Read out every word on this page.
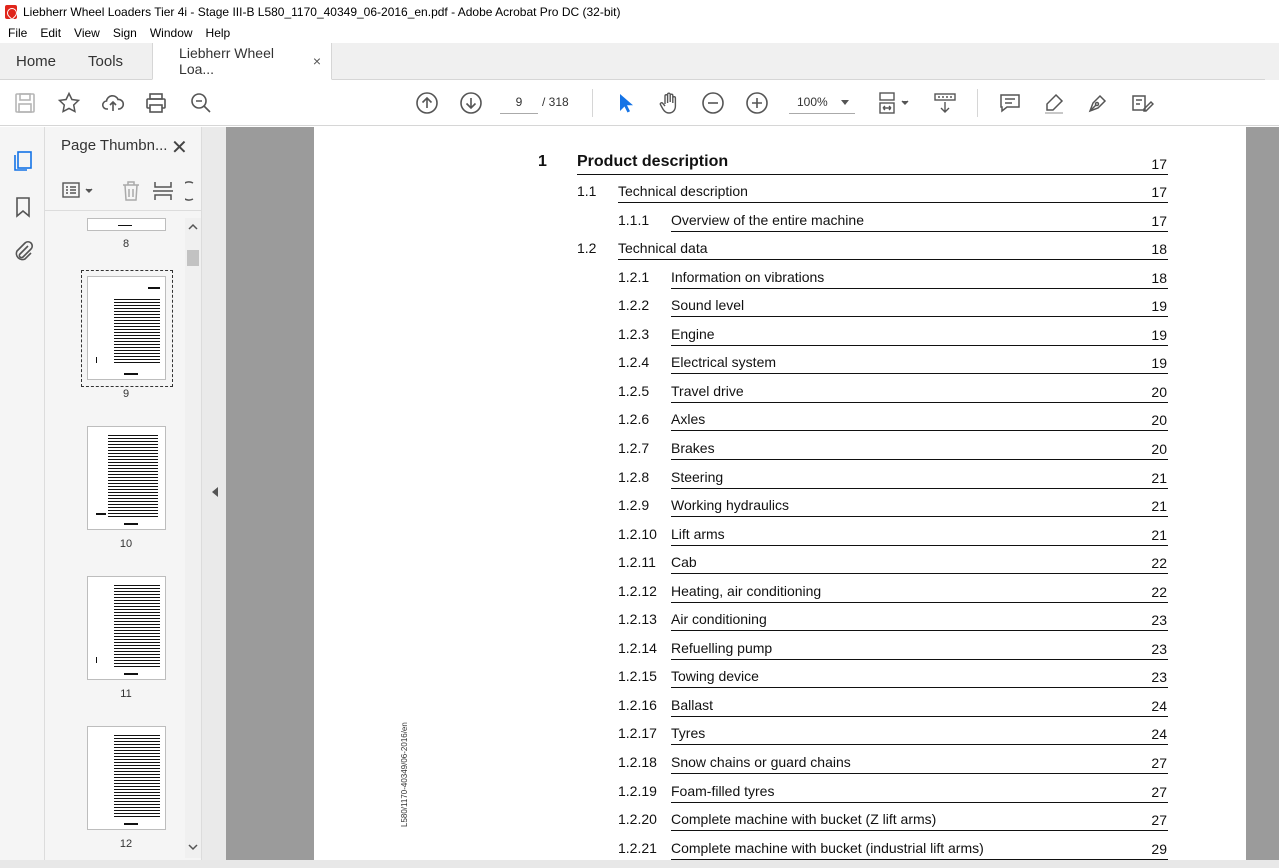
Liebherr Wheel Loaders Tier 4i - Stage III-B L580_1170_40349_06-2016_en.pdf - Adobe Acrobat Pro DC (32-bit)
File	Edit	View	Sign	Window	Help
Home	Tools	Liebherr Wheel Loa...	×
9
/ 318	100%
Page Thumbn... ✕
8
9
10
11
12
L580/1170-40349/06-2016/en
1 Product description	17
1.1 Technical description	17
1.1.1 Overview of the entire machine	17
1.2 Technical data	18
1.2.1 Information on vibrations	18
1.2.2 Sound level	19
1.2.3 Engine	19
1.2.4 Electrical system	19
1.2.5 Travel drive	20
1.2.6 Axles	20
1.2.7 Brakes	20
1.2.8 Steering	21
1.2.9 Working hydraulics	21
1.2.10 Lift arms	21
1.2.11 Cab	22
1.2.12 Heating, air conditioning	22
1.2.13 Air conditioning	23
1.2.14 Refuelling pump	23
1.2.15 Towing device	23
1.2.16 Ballast	24
1.2.17 Tyres	24
1.2.18 Snow chains or guard chains	27
1.2.19 Foam-filled tyres	27
1.2.20 Complete machine with bucket (Z lift arms)	27
1.2.21 Complete machine with bucket (industrial lift arms)	29
